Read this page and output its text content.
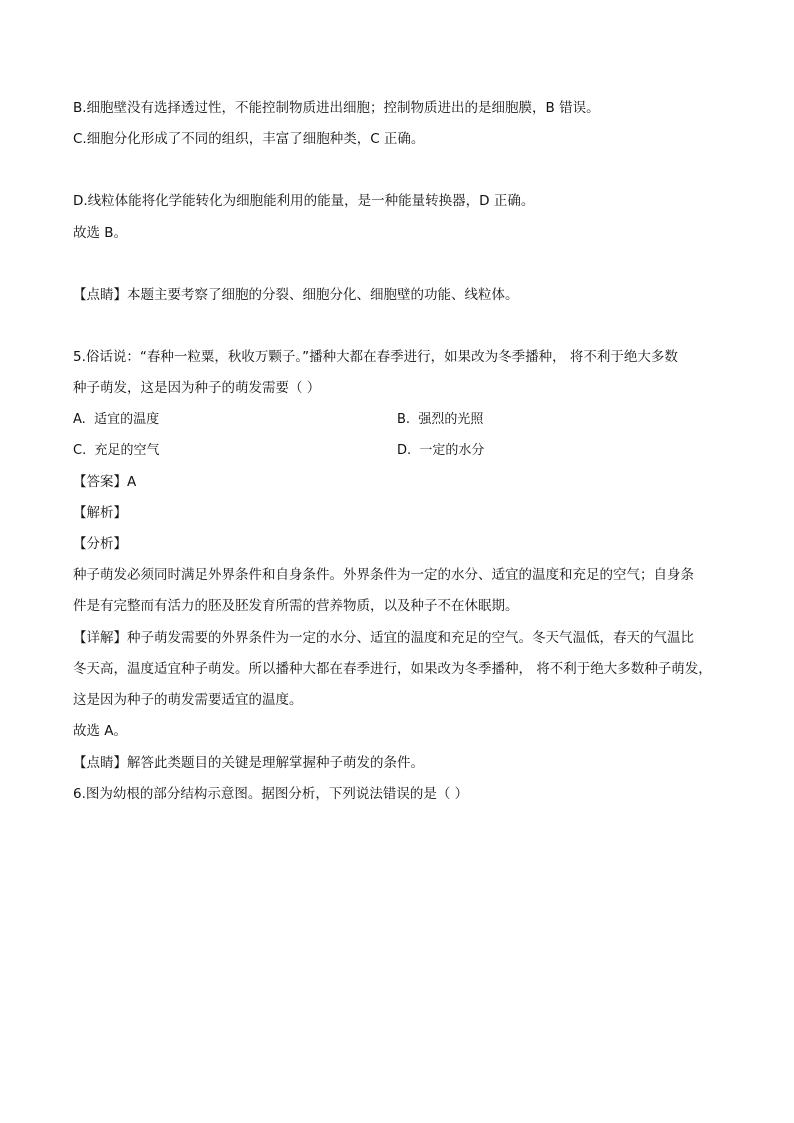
B.细胞壁没有选择透过性，不能控制物质进出细胞；控制物质进出的是细胞膜，B 错误。
C.细胞分化形成了不同的组织，丰富了细胞种类，C 正确。
D.线粒体能将化学能转化为细胞能利用的能量，是一种能量转换器，D 正确。
故选 B。
【点睛】本题主要考察了细胞的分裂、细胞分化、细胞壁的功能、线粒体。
5.俗话说：“春种一粒粟，秋收万颗子。”播种大都在春季进行，如果改为冬季播种， 将不利于绝大多数
种子萌发，这是因为种子的萌发需要（ ）
A. 适宜的温度	B. 强烈的光照
C. 充足的空气	D. 一定的水分
【答案】A
【解析】
【分析】
种子萌发必须同时满足外界条件和自身条件。外界条件为一定的水分、适宜的温度和充足的空气；自身条
件是有完整而有活力的胚及胚发育所需的营养物质，以及种子不在休眠期。
【详解】种子萌发需要的外界条件为一定的水分、适宜的温度和充足的空气。冬天气温低，春天的气温比
冬天高，温度适宜种子萌发。所以播种大都在春季进行，如果改为冬季播种， 将不利于绝大多数种子萌发，
这是因为种子的萌发需要适宜的温度。
故选 A。
【点睛】解答此类题目的关键是理解掌握种子萌发的条件。
6.图为幼根的部分结构示意图。据图分析，下列说法错误的是（ ）
